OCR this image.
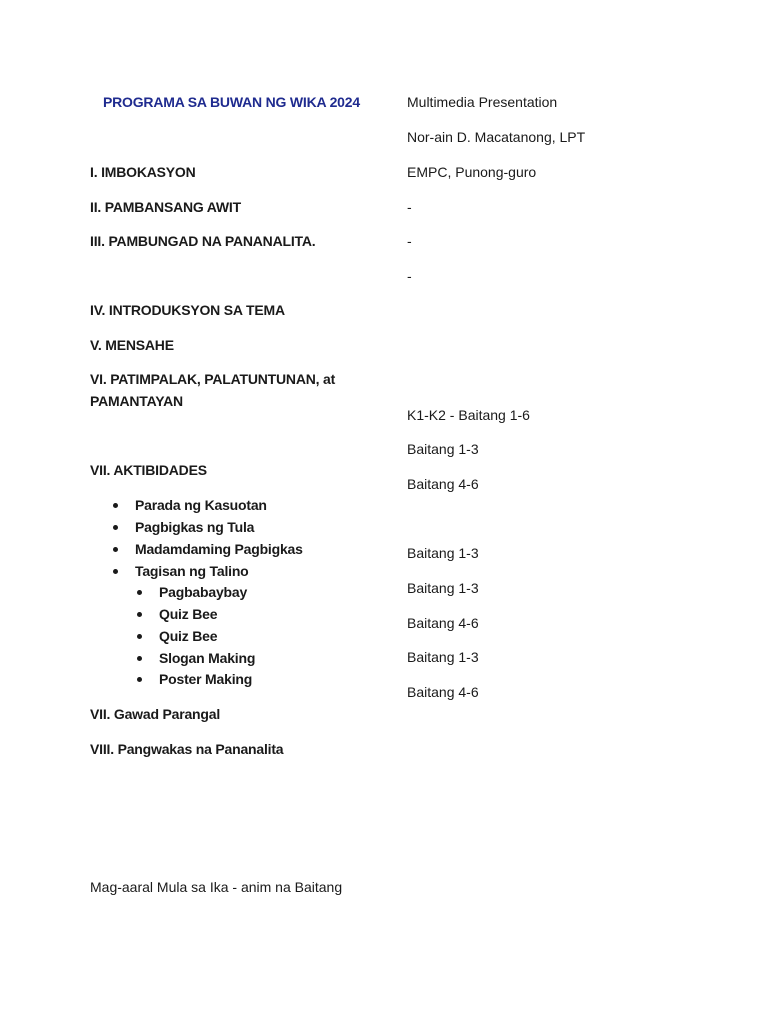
PROGRAMA SA BUWAN NG WIKA 2024
I. IMBOKASYON
II. PAMBANSANG AWIT
III. PAMBUNGAD NA PANANALITA.
IV. INTRODUKSYON SA TEMA
V. MENSAHE
VI. PATIMPALAK, PALATUNTUNAN, at PAMANTAYAN
VII. AKTIBIDADES
Parada ng Kasuotan
Pagbigkas ng Tula
Madamdaming Pagbigkas
Tagisan ng Talino
Pagbabaybay
Quiz Bee
Quiz Bee
Slogan Making
Poster Making
VII. Gawad Parangal
VIII. Pangwakas na Pananalita
Multimedia Presentation
Nor-ain D. Macatanong, LPT
EMPC, Punong-guro
-
-
-
K1-K2 - Baitang 1-6
Baitang 1-3
Baitang 4-6
Baitang 1-3
Baitang 1-3
Baitang 4-6
Baitang 1-3
Baitang 4-6
Mag-aaral Mula sa Ika - anim na Baitang
